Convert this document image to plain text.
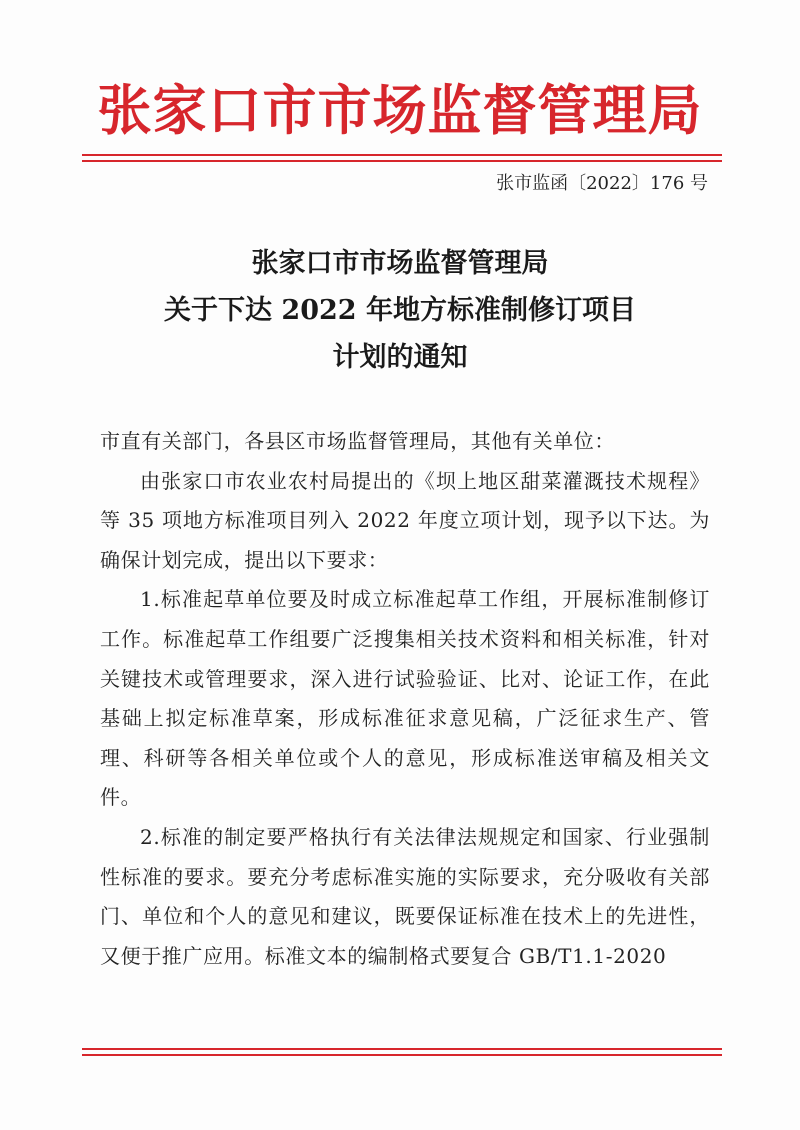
张家口市市场监督管理局
张市监函〔2022〕176 号
张家口市市场监督管理局
关于下达 2022 年地方标准制修订项目
计划的通知

市直有关部门，各县区市场监督管理局，其他有关单位：

由张家口市农业农村局提出的《坝上地区甜菜灌溉技术规程》等 35 项地方标准项目列入 2022 年度立项计划，现予以下达。为确保计划完成，提出以下要求：

1.标准起草单位要及时成立标准起草工作组，开展标准制修订工作。标准起草工作组要广泛搜集相关技术资料和相关标准，针对关键技术或管理要求，深入进行试验验证、比对、论证工作，在此基础上拟定标准草案，形成标准征求意见稿，广泛征求生产、管理、科研等各相关单位或个人的意见，形成标准送审稿及相关文件。

2.标准的制定要严格执行有关法律法规规定和国家、行业强制性标准的要求。要充分考虑标准实施的实际要求，充分吸收有关部门、单位和个人的意见和建议，既要保证标准在技术上的先进性，又便于推广应用。标准文本的编制格式要复合 GB/T1.1-2020
